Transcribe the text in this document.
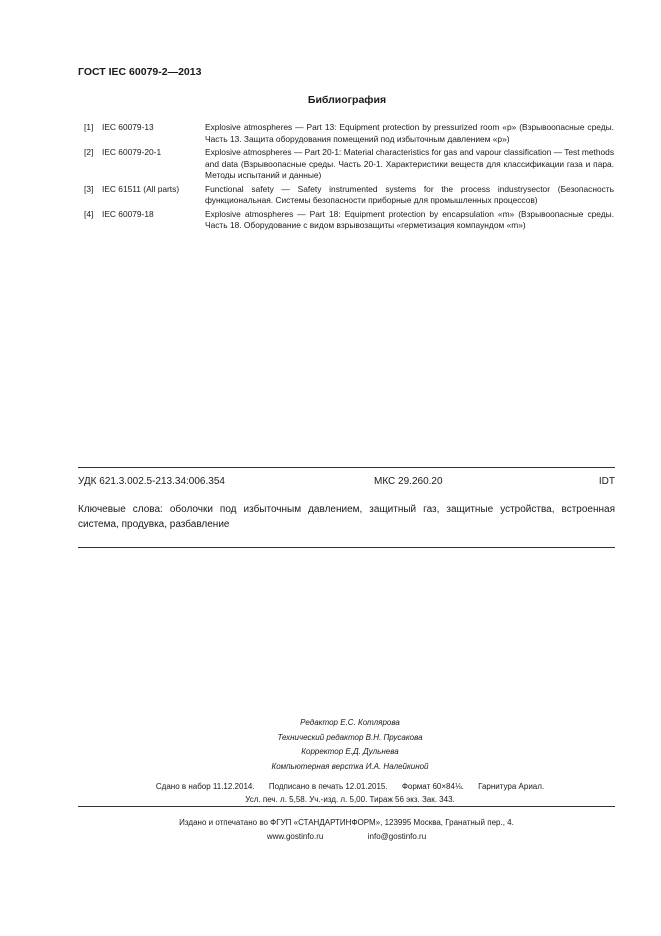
ГОСТ IEC 60079-2—2013
Библиография
[1]	IEC 60079-13	Explosive atmospheres — Part 13: Equipment protection by pressurized room «p» (Взрывоопасные среды. Часть 13. Защита оборудования помещений под избыточным давлением «p»)
[2]	IEC 60079-20-1	Explosive atmospheres — Part 20-1: Material characteristics for gas and vapour classification — Test methods and data (Взрывоопасные среды. Часть 20-1. Характеристики веществ для классификации газа и пара. Методы испытаний и данные)
[3]	IEC 61511 (All parts)	Functional safety — Safety instrumented systems for the process industrysector (Безопасность функциональная. Системы безопасности приборные для промышленных процессов)
[4]	IEC 60079-18	Explosive atmospheres — Part 18: Equipment protection by encapsulation «m» (Взрывоопасные среды. Часть 18. Оборудование с видом взрывозащиты «герметизация компаундом «m»)
УДК 621.3.002.5-213.34:006.354	МКС 29.260.20	IDT
Ключевые слова: оболочки под избыточным давлением, защитный газ, защитные устройства, встроенная система, продувка, разбавление
Редактор Е.С. Котлярова
Технический редактор В.Н. Прусакова
Корректор Е.Д. Дульнева
Компьютерная верстка И.А. Налейкиной
Сдано в набор 11.12.2014. Подписано в печать 12.01.2015. Формат 60×84⅛. Гарнитура Ариал.
Усл. печ. л. 5,58. Уч.-изд. л. 5,00. Тираж 56 экз. Зак. 343.
Издано и отпечатано во ФГУП «СТАНДАРТИНФОРМ», 123995 Москва, Гранатный пер., 4.
www.gostinfo.ru	info@gostinfo.ru
